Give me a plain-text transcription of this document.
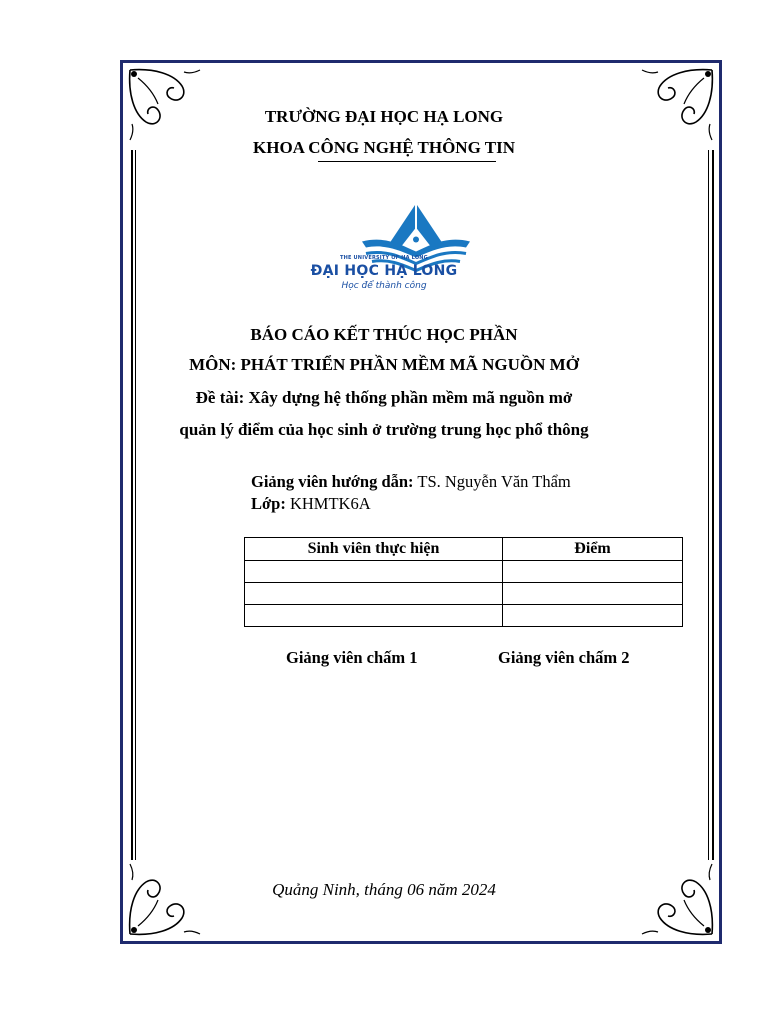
TRƯỜNG ĐẠI HỌC HẠ LONG
KHOA CÔNG NGHỆ THÔNG TIN
THE UNIVERSITY OF HA LONG
ĐẠI HỌC HẠ LONG
Học để thành công
BÁO CÁO KẾT THÚC HỌC PHẦN
MÔN: PHÁT TRIỂN PHẦN MỀM MÃ NGUỒN MỞ
Đề tài: Xây dựng hệ thống phần mềm mã nguồn mở
quản lý điểm của học sinh ở trường trung học phổ thông
Giảng viên hướng dẫn: TS. Nguyễn Văn Thẩm
Lớp: KHMTK6A
Sinh viên thực hiện	Điểm

Giảng viên chấm 1	Giảng viên chấm 2
Quảng Ninh, tháng 06 năm 2024
